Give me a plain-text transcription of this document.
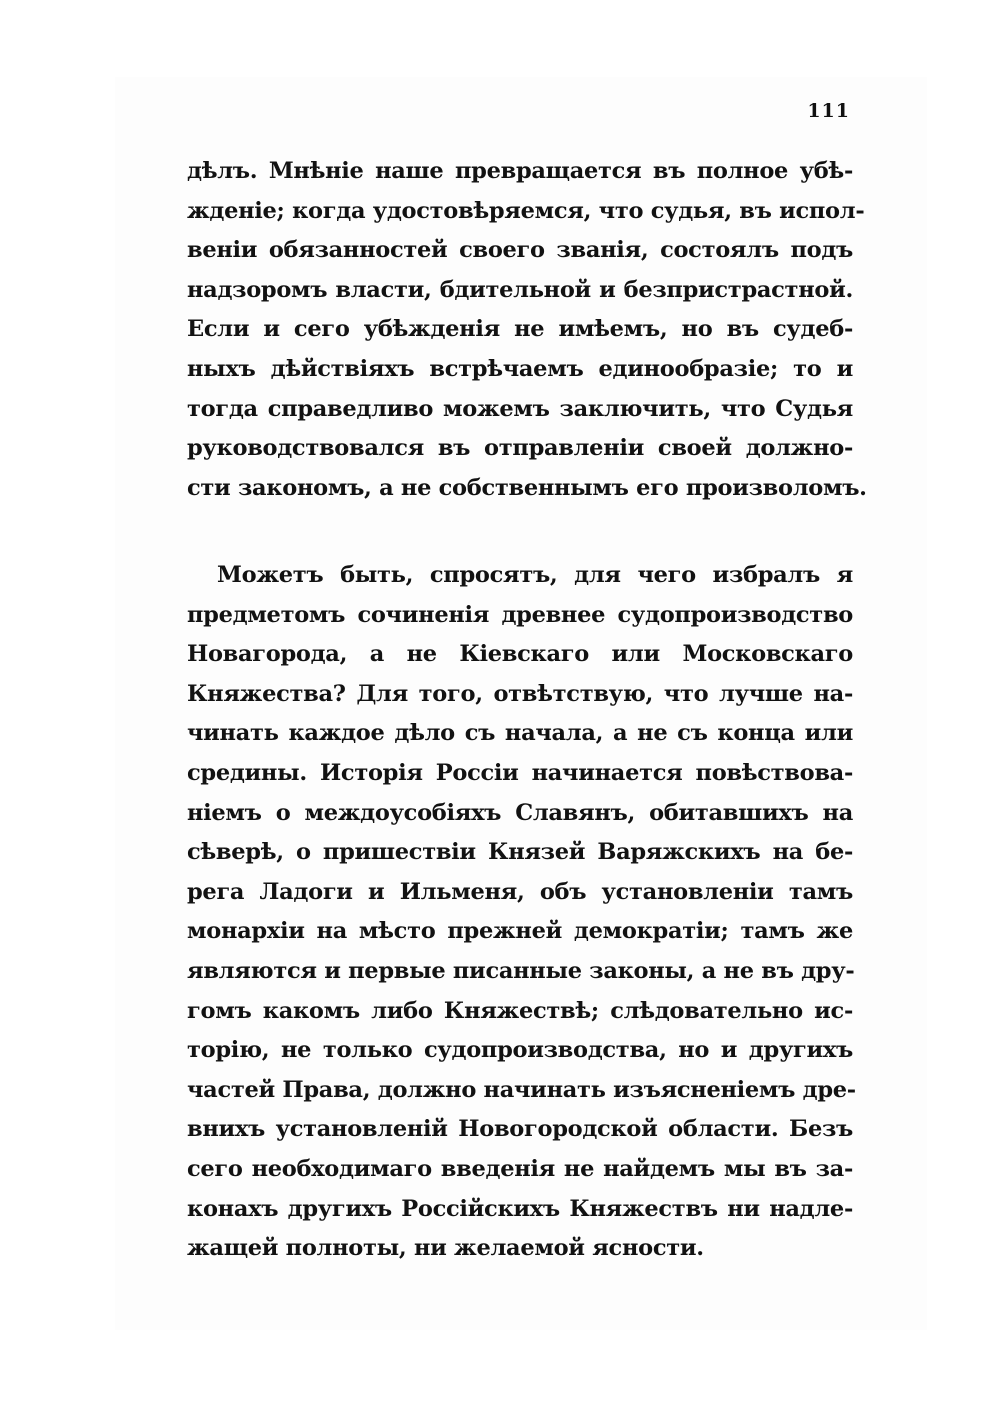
111
дѣлъ. Мнѣніе наше превращается въ полное убѣ-
жденіе; когда удостовѣряемся, что судья, въ испол-
веніи обязанностей своего званія, состоялъ подъ
надзоромъ власти, бдительной и безпристрастной.
Если и сего убѣжденія не имѣемъ, но въ судеб-
ныхъ дѣйствіяхъ встрѣчаемъ единообразіе; то и
тогда справедливо можемъ заключить, что Судья
руководствовался въ отправленіи своей должно-
сти закономъ, а не собственнымъ его произволомъ.
Можетъ быть, спросятъ, для чего избралъ я
предметомъ сочиненія древнее судопроизводство
Новагорода, а не Кіевскаго или Московскаго
Княжества? Для того, отвѣтствую, что лучше на-
чинать каждое дѣло съ начала, а не съ конца или
средины. Исторія Россіи начинается повѣствова-
ніемъ о междоусобіяхъ Славянъ, обитавшихъ на
сѣверѣ, о пришествіи Князей Варяжскихъ на бе-
рега Ладоги и Ильменя, объ установленіи тамъ
монархіи на мѣсто прежней демократіи; тамъ же
являются и первые писанные законы, а не въ дру-
гомъ какомъ либо Княжествѣ; слѣдовательно ис-
торію, не только судопроизводства, но и другихъ
частей Права, должно начинать изъясненіемъ дре-
внихъ установленій Новогородской области. Безъ
сего необходимаго введенія не найдемъ мы въ за-
конахъ другихъ Россійскихъ Княжествъ ни надле-
жащей полноты, ни желаемой ясности.
